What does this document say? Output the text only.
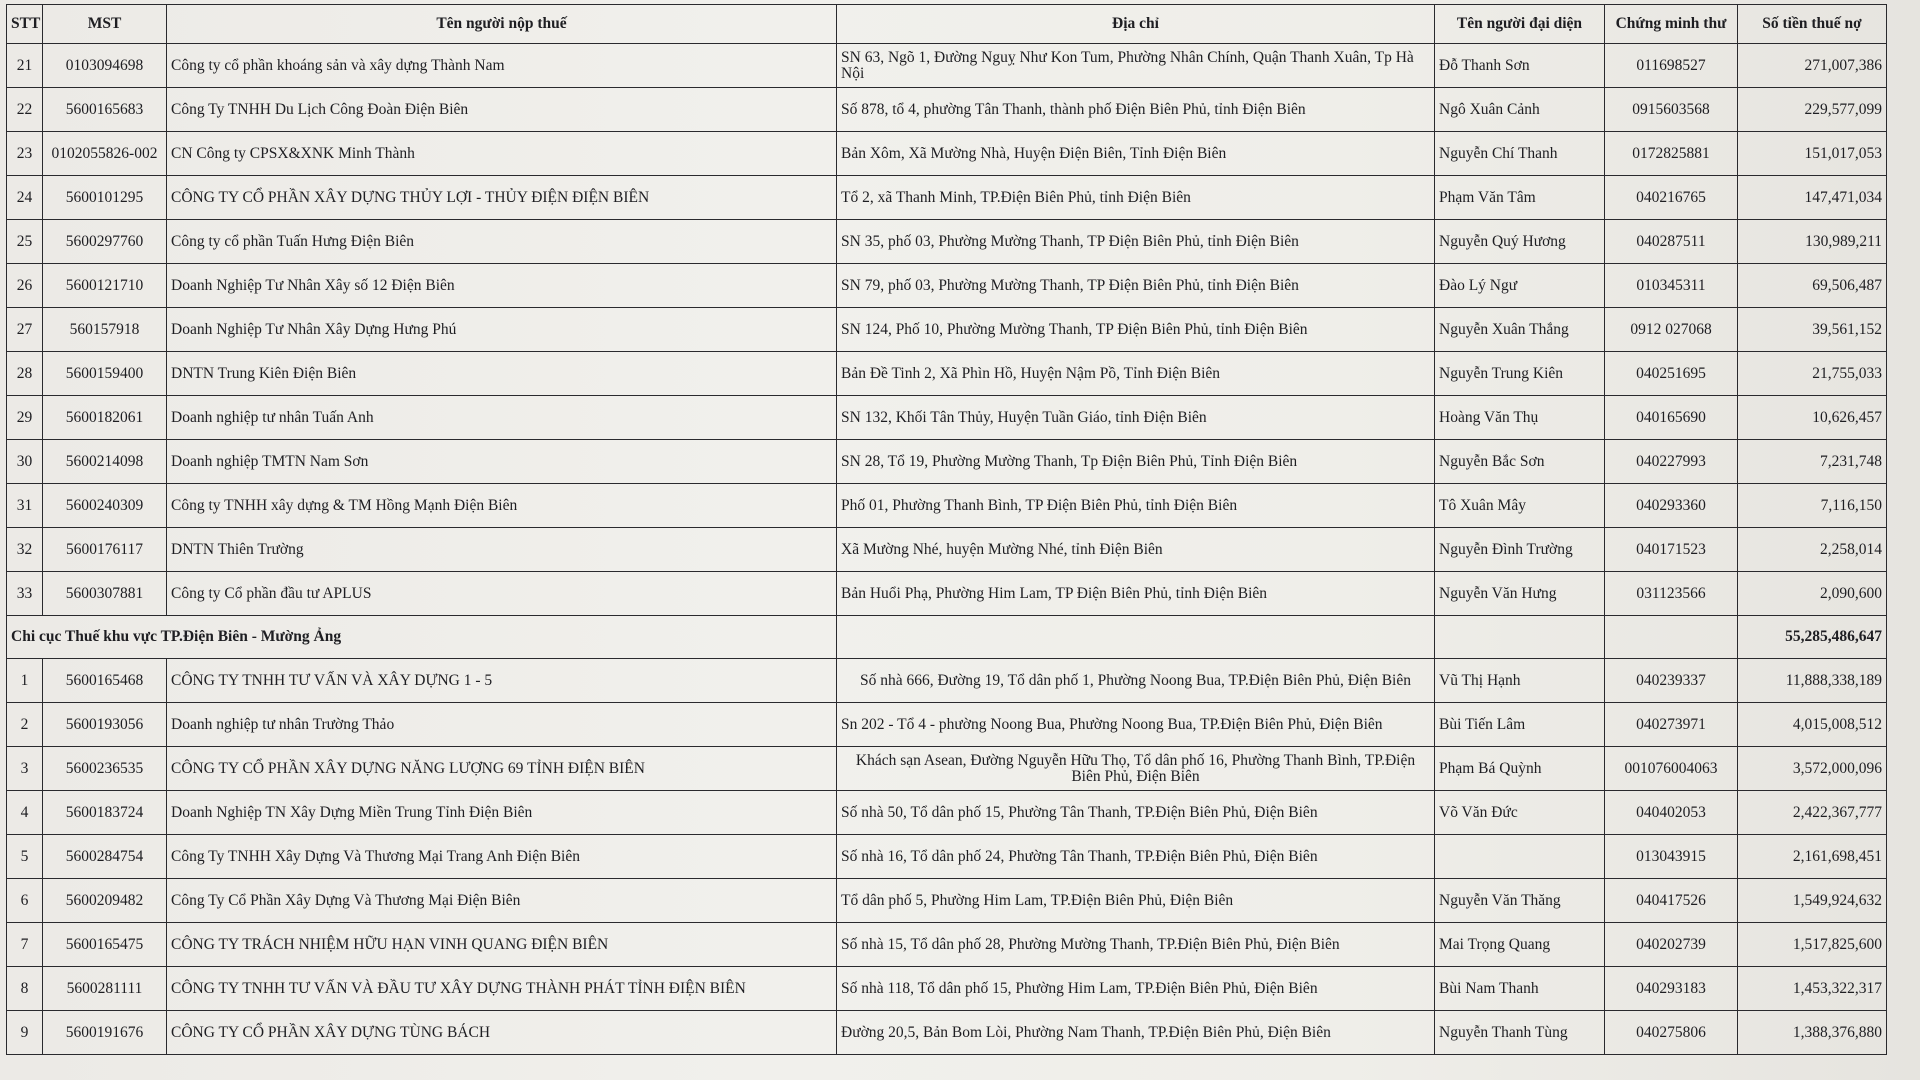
STT	MST	Tên người nộp thuế	Địa chỉ	Tên người đại diện	Chứng minh thư	Số tiền thuế nợ
21	0103094698	Công ty cổ phần khoáng sản và xây dựng Thành Nam	SN 63, Ngõ 1, Đường Nguỵ Như Kon Tum, Phường Nhân Chính, Quận Thanh Xuân, Tp Hà Nội	Đỗ Thanh Sơn	011698527	271,007,386
22	5600165683	Công Ty TNHH Du Lịch Công Đoàn Điện Biên	Số 878, tổ 4, phường Tân Thanh, thành phố Điện Biên Phủ, tỉnh Điện Biên	Ngô Xuân Cảnh	0915603568	229,577,099
23	0102055826-002	CN Công ty CPSX&XNK Minh Thành	Bản Xôm, Xã Mường Nhà, Huyện Điện Biên, Tỉnh Điện Biên	Nguyễn Chí Thanh	0172825881	151,017,053
24	5600101295	CÔNG TY CỔ PHẦN XÂY DỰNG THỦY LỢI - THỦY ĐIỆN ĐIỆN BIÊN	Tổ 2, xã Thanh Minh, TP.Điện Biên Phủ, tỉnh Điện Biên	Phạm Văn Tâm	040216765	147,471,034
25	5600297760	Công ty cổ phần Tuấn Hưng Điện Biên	SN 35, phố 03, Phường Mường Thanh, TP Điện Biên Phủ, tỉnh Điện Biên	Nguyễn Quý Hương	040287511	130,989,211
26	5600121710	Doanh Nghiệp Tư Nhân Xây số 12 Điện Biên	SN 79, phố 03, Phường Mường Thanh, TP Điện Biên Phủ, tỉnh Điện Biên	Đào Lý Ngư	010345311	69,506,487
27	560157918	Doanh Nghiệp Tư Nhân Xây Dựng Hưng Phú	SN 124, Phố 10, Phường Mường Thanh, TP Điện Biên Phủ, tỉnh Điện Biên	Nguyễn Xuân Thắng	0912 027068	39,561,152
28	5600159400	DNTN Trung Kiên Điện Biên	Bản Đề Tinh 2, Xã Phìn Hồ, Huyện Nậm Pồ, Tỉnh Điện Biên	Nguyễn Trung Kiên	040251695	21,755,033
29	5600182061	Doanh nghiệp tư nhân Tuấn Anh	SN 132, Khối Tân Thủy, Huyện Tuần Giáo, tỉnh Điện Biên	Hoàng Văn Thụ	040165690	10,626,457
30	5600214098	Doanh nghiệp TMTN Nam Sơn	SN 28, Tổ 19, Phường Mường Thanh, Tp Điện Biên Phủ, Tỉnh Điện Biên	Nguyễn Bắc Sơn	040227993	7,231,748
31	5600240309	Công ty TNHH xây dựng & TM Hồng Mạnh Điện Biên	Phố 01, Phường Thanh Bình, TP Điện Biên Phủ, tỉnh Điện Biên	Tô Xuân Mây	040293360	7,116,150
32	5600176117	DNTN Thiên Trường	Xã Mường Nhé, huyện Mường Nhé, tỉnh Điện Biên	Nguyễn Đình Trường	040171523	2,258,014
33	5600307881	Công ty Cổ phần đầu tư APLUS	Bản Huổi Phạ, Phường Him Lam, TP Điện Biên Phủ, tỉnh Điện Biên	Nguyễn Văn Hưng	031123566	2,090,600
Chi cục Thuế khu vực TP.Điện Biên - Mường Ảng						55,285,486,647
1	5600165468	CÔNG TY TNHH TƯ VẤN VÀ XÂY DỰNG 1 - 5	Số nhà 666, Đường 19, Tổ dân phố 1, Phường Noong Bua, TP.Điện Biên Phủ, Điện Biên	Vũ Thị Hạnh	040239337	11,888,338,189
2	5600193056	Doanh nghiệp tư nhân Trường Thảo	Sn 202 - Tổ 4 - phường Noong Bua, Phường Noong Bua, TP.Điện Biên Phủ, Điện Biên	Bùi Tiến Lâm	040273971	4,015,008,512
3	5600236535	CÔNG TY CỔ PHẦN XÂY DỰNG NĂNG LƯỢNG 69 TỈNH ĐIỆN BIÊN	Khách sạn Asean, Đường Nguyễn Hữu Thọ, Tổ dân phố 16, Phường Thanh Bình, TP.Điện Biên Phủ, Điện Biên	Phạm Bá Quỳnh	001076004063	3,572,000,096
4	5600183724	Doanh Nghiệp TN Xây Dựng Miền Trung Tỉnh Điện Biên	Số nhà 50, Tổ dân phố 15, Phường Tân Thanh, TP.Điện Biên Phủ, Điện Biên	Võ Văn Đức	040402053	2,422,367,777
5	5600284754	Công Ty TNHH Xây Dựng Và Thương Mại Trang Anh Điện Biên	Số nhà 16, Tổ dân phố 24, Phường Tân Thanh, TP.Điện Biên Phủ, Điện Biên		013043915	2,161,698,451
6	5600209482	Công Ty Cổ Phần Xây Dựng Và Thương Mại Điện Biên	Tổ dân phố 5, Phường Him Lam, TP.Điện Biên Phủ, Điện Biên	Nguyễn Văn Thăng	040417526	1,549,924,632
7	5600165475	CÔNG TY TRÁCH NHIỆM HỮU HẠN VINH QUANG ĐIỆN BIÊN	Số nhà 15, Tổ dân phố 28, Phường Mường Thanh, TP.Điện Biên Phủ, Điện Biên	Mai Trọng Quang	040202739	1,517,825,600
8	5600281111	CÔNG TY TNHH TƯ VẤN VÀ ĐẦU TƯ XÂY DỰNG THÀNH PHÁT TỈNH ĐIỆN BIÊN	Số nhà 118, Tổ dân phố 15, Phường Him Lam, TP.Điện Biên Phủ, Điện Biên	Bùi Nam Thanh	040293183	1,453,322,317
9	5600191676	CÔNG TY CỔ PHẦN XÂY DỰNG TÙNG BÁCH	Đường 20,5, Bản Bom Lòi, Phường Nam Thanh, TP.Điện Biên Phủ, Điện Biên	Nguyễn Thanh Tùng	040275806	1,388,376,880
